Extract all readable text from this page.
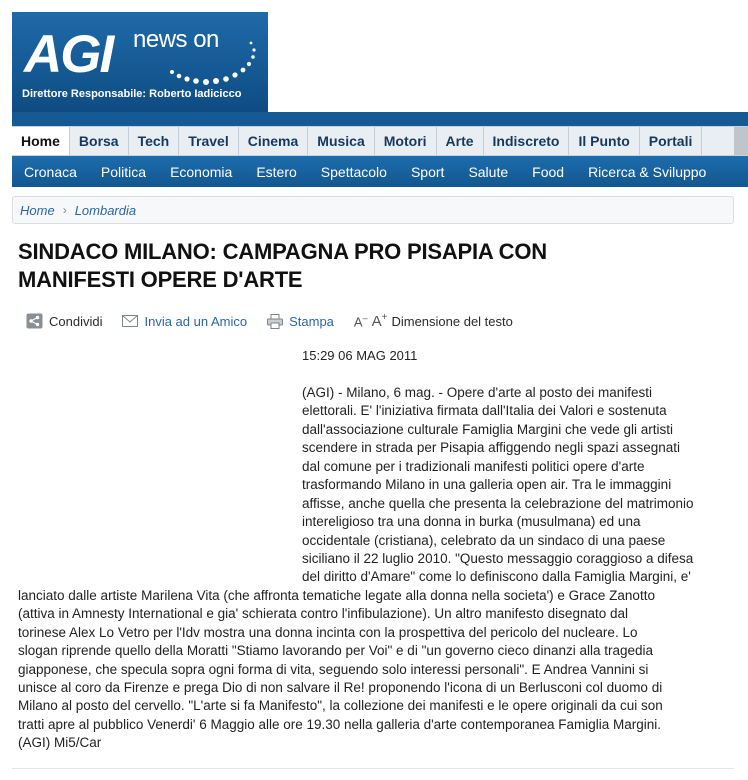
AGI news on
Direttore Responsabile: Roberto Iadicicco
Home	Borsa	Tech	Travel	Cinema	Musica	Motori	Arte	Indiscreto	Il Punto	Portali
Cronaca	Politica	Economia	Estero	Spettacolo	Sport	Salute	Food	Ricerca & Sviluppo
Home › Lombardia
SINDACO MILANO: CAMPAGNA PRO PISAPIA CON
MANIFESTI OPERE D'ARTE
Condividi	Invia ad un Amico	Stampa A– A+ Dimensione del testo
15:29 06 MAG 2011
(AGI) - Milano, 6 mag. - Opere d'arte al posto dei manifesti
elettorali. E' l'iniziativa firmata dall'Italia dei Valori e sostenuta
dall'associazione culturale Famiglia Margini che vede gli artisti
scendere in strada per Pisapia affiggendo negli spazi assegnati
dal comune per i tradizionali manifesti politici opere d'arte
trasformando Milano in una galleria open air. Tra le immaggini
affisse, anche quella che presenta la celebrazione del matrimonio
intereligioso tra una donna in burka (musulmana) ed una
occidentale (cristiana), celebrato da un sindaco di una paese
siciliano il 22 luglio 2010. "Questo messaggio coraggioso a difesa
del diritto d'Amare" come lo definiscono dalla Famiglia Margini, e'
lanciato dalle artiste Marilena Vita (che affronta tematiche legate alla donna nella societa') e Grace Zanotto
(attiva in Amnesty International e gia' schierata contro l'infibulazione). Un altro manifesto disegnato dal
torinese Alex Lo Vetro per l'Idv mostra una donna incinta con la prospettiva del pericolo del nucleare. Lo
slogan riprende quello della Moratti "Stiamo lavorando per Voi" e di "un governo cieco dinanzi alla tragedia
giapponese, che specula sopra ogni forma di vita, seguendo solo interessi personali". E Andrea Vannini si
unisce al coro da Firenze e prega Dio di non salvare il Re! proponendo l'icona di un Berlusconi col duomo di
Milano al posto del cervello. "L'arte si fa Manifesto", la collezione dei manifesti e le opere originali da cui son
tratti apre al pubblico Venerdi' 6 Maggio alle ore 19.30 nella galleria d'arte contemporanea Famiglia Margini.
(AGI) Mi5/Car
